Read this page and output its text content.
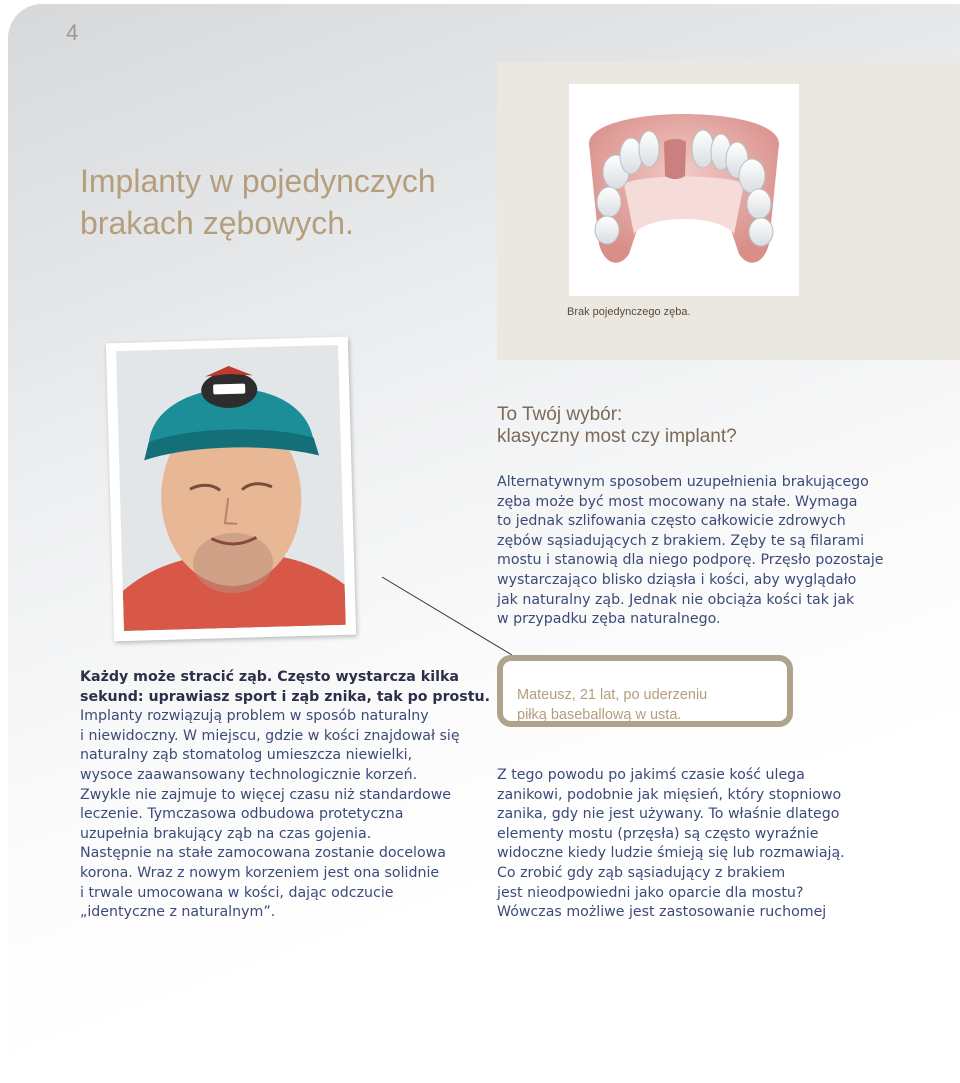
4
Implanty w pojedynczych
brakach zębowych.
Brak pojedynczego zęba.
To Twój wybór:
klasyczny most czy implant?
Alternatywnym sposobem uzupełnienia brakującego
zęba może być most mocowany na stałe. Wymaga
to jednak szlifowania często całkowicie zdrowych
zębów sąsiadujących z brakiem. Zęby te są filarami
mostu i stanowią dla niego podporę. Przęsło pozostaje
wystarczająco blisko dziąsła i kości, aby wyglądało
jak naturalny ząb. Jednak nie obciąża kości tak jak
w przypadku zęba naturalnego.
Każdy może stracić ząb. Często wystarcza kilka
sekund: uprawiasz sport i ząb znika, tak po prostu.
Implanty rozwiązują problem w sposób naturalny
i niewidoczny. W miejscu, gdzie w kości znajdował się
naturalny ząb stomatolog umieszcza niewielki,
wysoce zaawansowany technologicznie korzeń.
Zwykle nie zajmuje to więcej czasu niż standardowe
leczenie. Tymczasowa odbudowa protetyczna
uzupełnia brakujący ząb na czas gojenia.
Następnie na stałe zamocowana zostanie docelowa
korona. Wraz z nowym korzeniem jest ona solidnie
i trwale umocowana w kości, dając odczucie
„identyczne z naturalnym”.
Mateusz, 21 lat, po uderzeniu
piłką baseballową w usta.
Z tego powodu po jakimś czasie kość ulega
zanikowi, podobnie jak mięsień, który stopniowo
zanika, gdy nie jest używany. To właśnie dlatego
elementy mostu (przęsła) są często wyraźnie
widoczne kiedy ludzie śmieją się lub rozmawiają.
Co zrobić gdy ząb sąsiadujący z brakiem
jest nieodpowiedni jako oparcie dla mostu?
Wówczas możliwe jest zastosowanie ruchomej
